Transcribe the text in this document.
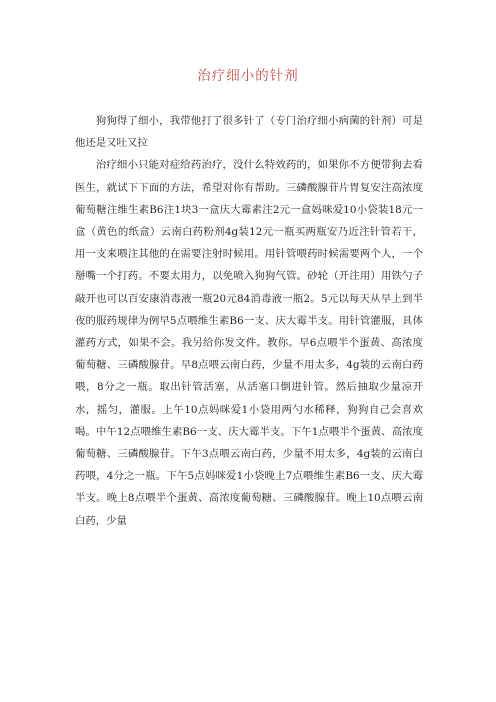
治疗细小的针剂

狗狗得了细小，我带他打了很多针了（专门治疗细小病菌的针剂）可是他还是又吐又拉

治疗细小只能对症给药治疗，没什么特效药的，如果你不方便带狗去看医生，就试下下面的方法，希望对你有帮助。三磷酸腺苷片胃复安注高浓度葡萄糖注维生素B6注1块3一盒庆大霉素注2元一盒妈咪爱10小袋装18元一盒（黄色的纸盒）云南白药粉剂4g装12元一瓶买两瓶安乃近注针管若干，用一支来喂注其他的在需要注射时候用。用针管喂药时候需要两个人，一个掰嘴一个打药。不要太用力，以免喷入狗狗气管。砂轮（开注用）用铁勺子敲开也可以百安康消毒液一瓶20元84消毒液一瓶2。5元以每天从早上到半夜的服药规律为例早5点喂维生素B6一支、庆大霉半支。用针管灌服，具体灌药方式，如果不会。我另给你发文件。教你。早6点喂半个蛋黄、高浓度葡萄糖、三磷酸腺苷。早8点喂云南白药，少量不用太多，4g装的云南白药喂，8分之一瓶。取出针管活塞，从活塞口倒进针管。然后抽取少量凉开水，摇匀，灌服。上午10点妈咪爱1小袋用两勺水稀释，狗狗自己会喜欢喝。中午12点喂维生素B6一支、庆大霉半支。下午1点喂半个蛋黄、高浓度葡萄糖、三磷酸腺苷。下午3点喂云南白药，少量不用太多，4g装的云南白药喂，4分之一瓶。下午5点妈咪爱1小袋晚上7点喂维生素B6一支、庆大霉半支。晚上8点喂半个蛋黄、高浓度葡萄糖、三磷酸腺苷。晚上10点喂云南白药，少量
